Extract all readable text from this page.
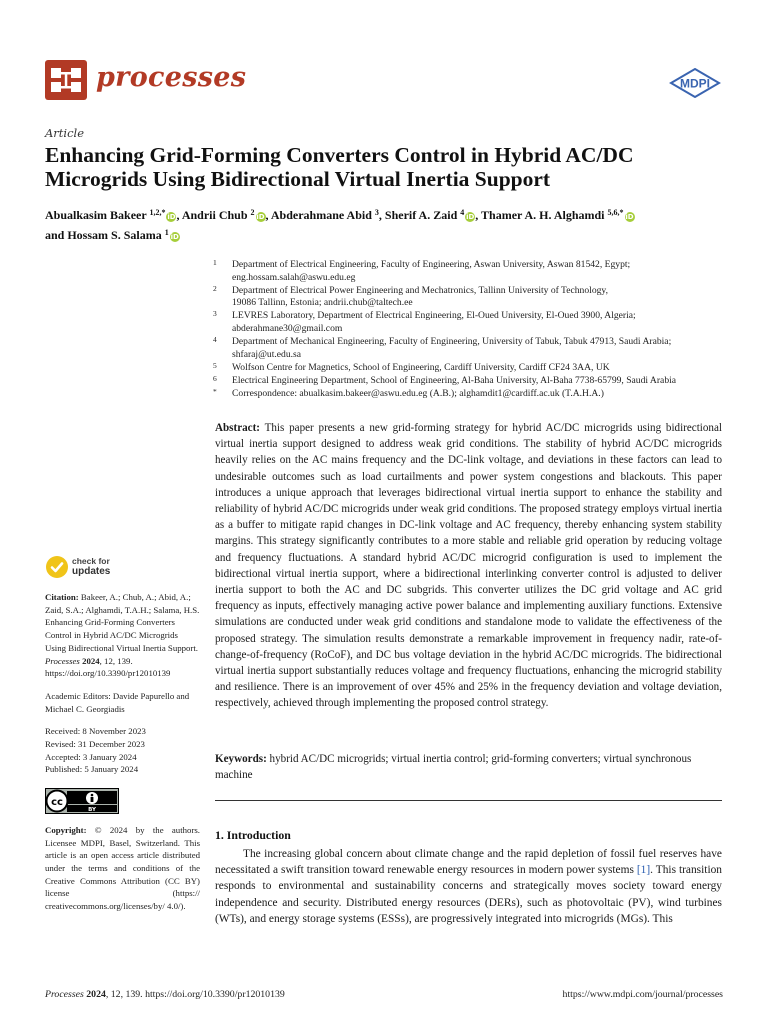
processes	MDPI
Article
Enhancing Grid-Forming Converters Control in Hybrid AC/DC Microgrids Using Bidirectional Virtual Inertia Support
Abualkasim Bakeer $^{1,2,*}$ iD, Andrii Chub $^2$ iD, Abderahmane Abid $^3$, Sherif A. Zaid $^4$ iD, Thamer A. H. Alghamdi $^{5,6,*}$ iD
and Hossam S. Salama $^1$ iD
1 Department of Electrical Engineering, Faculty of Engineering, Aswan University, Aswan 81542, Egypt;
eng.hossam.salah@aswu.edu.eg
2 Department of Electrical Power Engineering and Mechatronics, Tallinn University of Technology,
19086 Tallinn, Estonia; andrii.chub@taltech.ee
3 LEVRES Laboratory, Department of Electrical Engineering, El-Oued University, El-Oued 3900, Algeria;
abderahmane30@gmail.com
4 Department of Mechanical Engineering, Faculty of Engineering, University of Tabuk, Tabuk 47913, Saudi Arabia;
shfaraj@ut.edu.sa
5 Wolfson Centre for Magnetics, School of Engineering, Cardiff University, Cardiff CF24 3AA, UK
6 Electrical Engineering Department, School of Engineering, Al-Baha University, Al-Baha 7738-65799, Saudi Arabia
* Correspondence: abualkasim.bakeer@aswu.edu.eg (A.B.); alghamdit1@cardiff.ac.uk (T.A.H.A.)
check for
updates
Citation: Bakeer, A.; Chub, A.; Abid, A.; Zaid, S.A.; Alghamdi, T.A.H.; Salama, H.S. Enhancing Grid-Forming Converters Control in Hybrid AC/DC Microgrids Using Bidirectional Virtual Inertia Support. Processes 2024, 12, 139. https://doi.org/10.3390/pr12010139
Academic Editors: Davide Papurello and Michael C. Georgiadis
Received: 8 November 2023
Revised: 31 December 2023
Accepted: 3 January 2024
Published: 5 January 2024
cc
BY
Copyright: © 2024 by the authors. Licensee MDPI, Basel, Switzerland. This article is an open access article distributed under the terms and conditions of the Creative Commons Attribution (CC BY) license (https:// creativecommons.org/licenses/by/ 4.0/).
Abstract: This paper presents a new grid-forming strategy for hybrid AC/DC microgrids using bidirectional virtual inertia support designed to address weak grid conditions. The stability of hybrid AC/DC microgrids heavily relies on the AC mains frequency and the DC-link voltage, and deviations in these factors can lead to undesirable outcomes such as load curtailments and power system congestions and blackouts. This paper introduces a unique approach that leverages bidirectional virtual inertia support to enhance the stability and reliability of hybrid AC/DC microgrids under weak grid conditions. The proposed strategy employs virtual inertia as a buffer to mitigate rapid changes in DC-link voltage and AC frequency, thereby enhancing system stability margins. This strategy significantly contributes to a more stable and reliable grid operation by reducing voltage and frequency fluctuations. A standard hybrid AC/DC microgrid configuration is used to implement the bidirectional virtual inertia support, where a bidirectional interlinking converter control is adjusted to deliver inertia support to both the AC and DC subgrids. This converter utilizes the DC grid voltage and AC grid frequency as inputs, effectively managing active power balance and implementing auxiliary functions. Extensive simulations are conducted under weak grid conditions and standalone mode to validate the effectiveness of the proposed strategy. The simulation results demonstrate a remarkable improvement in frequency nadir, rate-of-change-of-frequency (RoCoF), and DC bus voltage deviation in the hybrid AC/DC microgrids. The bidirectional virtual inertia support substantially reduces voltage and frequency fluctuations, enhancing the microgrid stability and resilience. There is an improvement of over 45% and 25% in the frequency deviation and voltage deviation, respectively, achieved through implementing the proposed control strategy.
Keywords: hybrid AC/DC microgrids; virtual inertia control; grid-forming converters; virtual synchronous machine
1. Introduction

The increasing global concern about climate change and the rapid depletion of fossil fuel reserves have necessitated a swift transition toward renewable energy resources in modern power systems [1]. This transition responds to environmental and sustainability concerns and strategically moves society toward energy independence and security. Distributed energy resources (DERs), such as photovoltaic (PV), wind turbines (WTs), and energy storage systems (ESSs), are progressively integrated into microgrids (MGs). This

Processes 2024, 12, 139. https://doi.org/10.3390/pr12010139	https://www.mdpi.com/journal/processes
